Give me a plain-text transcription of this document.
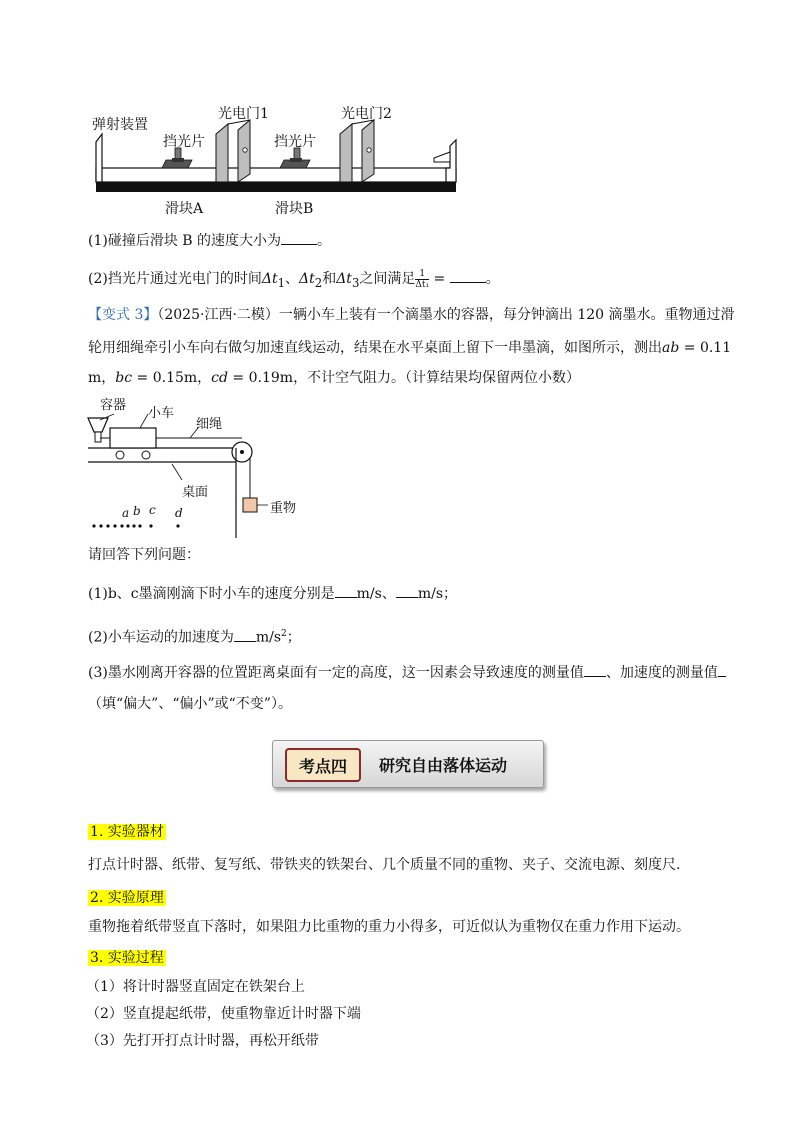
弹射装置
光电门1	光电门2
挡光片	挡光片
滑块A	滑块B
(1)碰撞后滑块 B 的速度大小为	。
(2)挡光片通过光电门的时间$\Delta t_1$、$\Delta t_2$和$\Delta t_3$之间满足 $\frac{1}{\text{Δt₁}}$ =	。
【变式 3】（2025·江西·二模）一辆小车上装有一个滴墨水的容器，每分钟滴出 120 滴墨水。重物通过滑
轮用细绳牵引小车向右做匀加速直线运动，结果在水平桌面上留下一串墨滴，如图所示，测出ab = 0.11
m，bc = 0.15m，cd = 0.19m，不计空气阻力。（计算结果均保留两位小数）
容器
小车
细绳
桌面
重物
a b c d
请回答下列问题：
(1)b、c墨滴刚滴下时小车的速度分别是 m/s、 m/s；
(2)小车运动的加速度为 $m/s^2$；
(3)墨水刚离开容器的位置距离桌面有一定的高度，这一因素会导致速度的测量值 、加速度的测量值
（填“偏大”、“偏小”或“不变”）。
考点四	研究自由落体运动
1. 实验器材
打点计时器、纸带、复写纸、带铁夹的铁架台、几个质量不同的重物、夹子、交流电源、刻度尺.
2. 实验原理
重物拖着纸带竖直下落时，如果阻力比重物的重力小得多，可近似认为重物仅在重力作用下运动。
3. 实验过程
（1）将计时器竖直固定在铁架台上
（2）竖直提起纸带，使重物靠近计时器下端
（3）先打开打点计时器，再松开纸带
